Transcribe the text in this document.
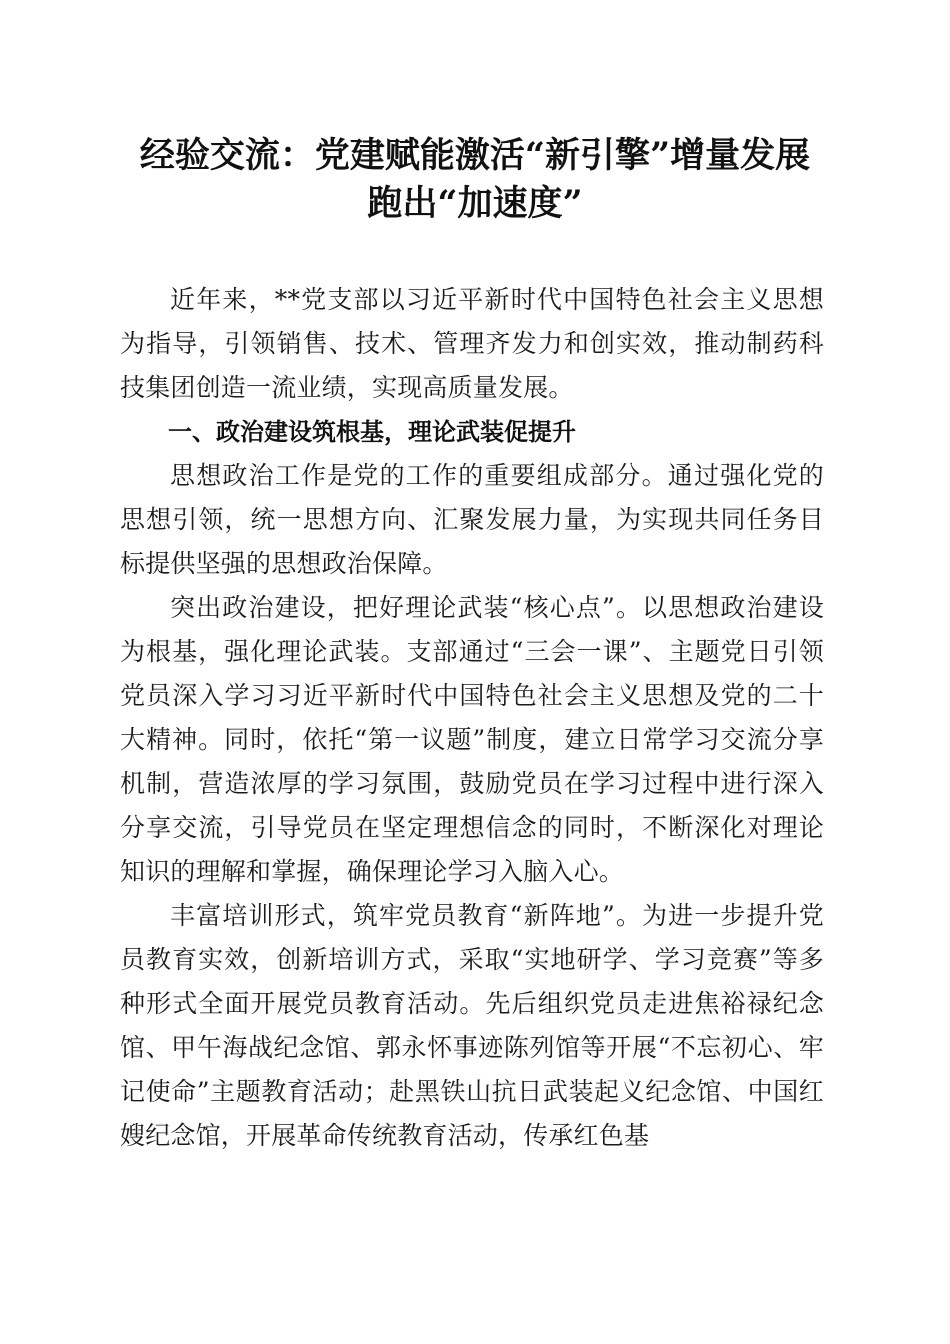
经验交流：党建赋能激活“新引擎”增量发展
跑出“加速度”

近年来，**党支部以习近平新时代中国特色社会主义思想为指导，引领销售、技术、管理齐发力和创实效，推动制药科技集团创造一流业绩，实现高质量发展。

一、政治建设筑根基，理论武装促提升

思想政治工作是党的工作的重要组成部分。通过强化党的思想引领，统一思想方向、汇聚发展力量，为实现共同任务目标提供坚强的思想政治保障。

突出政治建设，把好理论武装“核心点”。以思想政治建设为根基，强化理论武装。支部通过“三会一课”、主题党日引领党员深入学习习近平新时代中国特色社会主义思想及党的二十大精神。同时，依托“第一议题”制度，建立日常学习交流分享机制，营造浓厚的学习氛围，鼓励党员在学习过程中进行深入分享交流，引导党员在坚定理想信念的同时，不断深化对理论知识的理解和掌握，确保理论学习入脑入心。

丰富培训形式，筑牢党员教育“新阵地”。为进一步提升党员教育实效，创新培训方式，采取“实地研学、学习竞赛”等多种形式全面开展党员教育活动。先后组织党员走进焦裕禄纪念馆、甲午海战纪念馆、郭永怀事迹陈列馆等开展“不忘初心、牢记使命”主题教育活动；赴黑铁山抗日武装起义纪念馆、中国红嫂纪念馆，开展革命传统教育活动，传承红色基
